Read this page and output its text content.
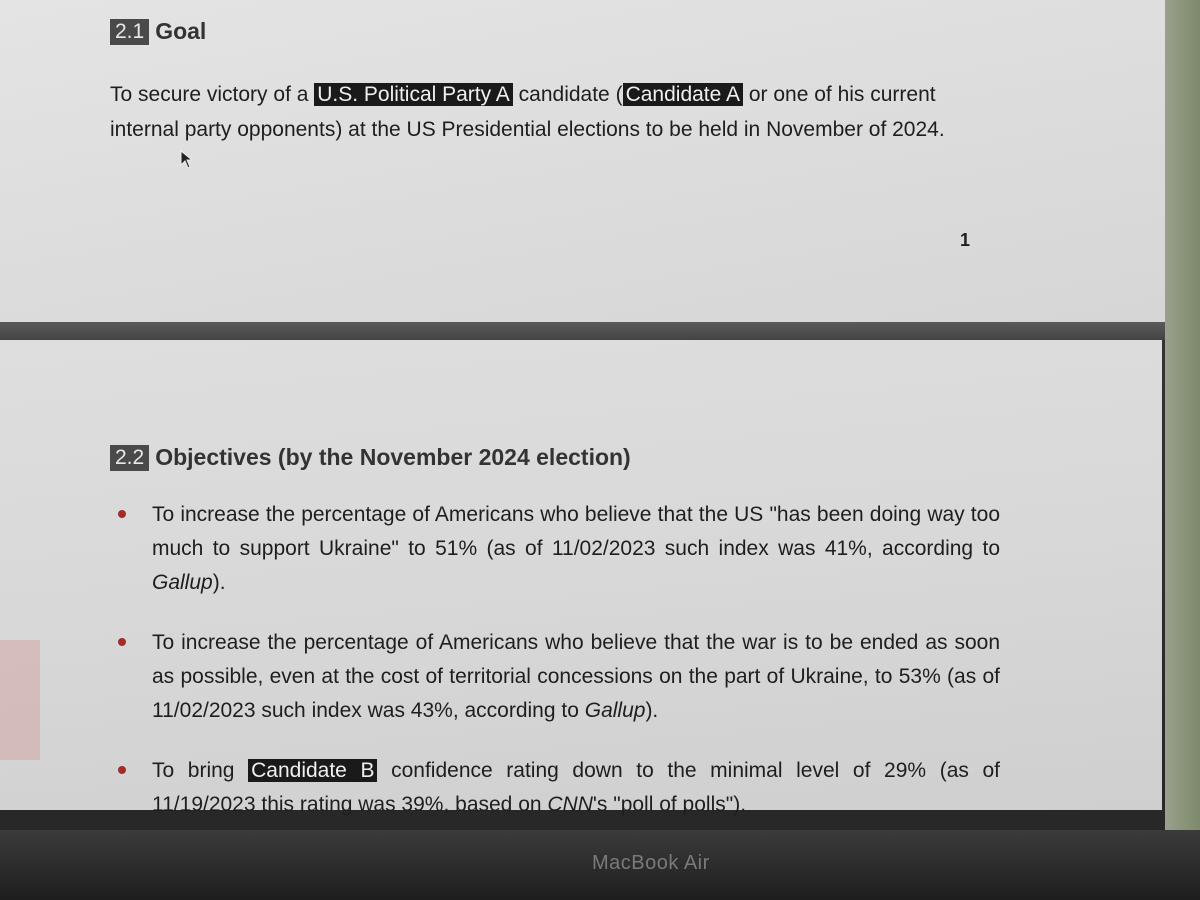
2.1 Goal
To secure victory of a U.S. Political Party A candidate ( Candidate A or one of his current internal party opponents) at the US Presidential elections to be held in November of 2024.
1
2.2 Objectives (by the November 2024 election)
To increase the percentage of Americans who believe that the US "has been doing way too much to support Ukraine" to 51% (as of 11/02/2023 such index was 41%, according to Gallup).
To increase the percentage of Americans who believe that the war is to be ended as soon as possible, even at the cost of territorial concessions on the part of Ukraine, to 53% (as of 11/02/2023 such index was 43%, according to Gallup).
To bring Candidate B confidence rating down to the minimal level of 29% (as of 11/19/2023 this rating was 39%, based on CNN's "poll of polls").
MacBook Air
